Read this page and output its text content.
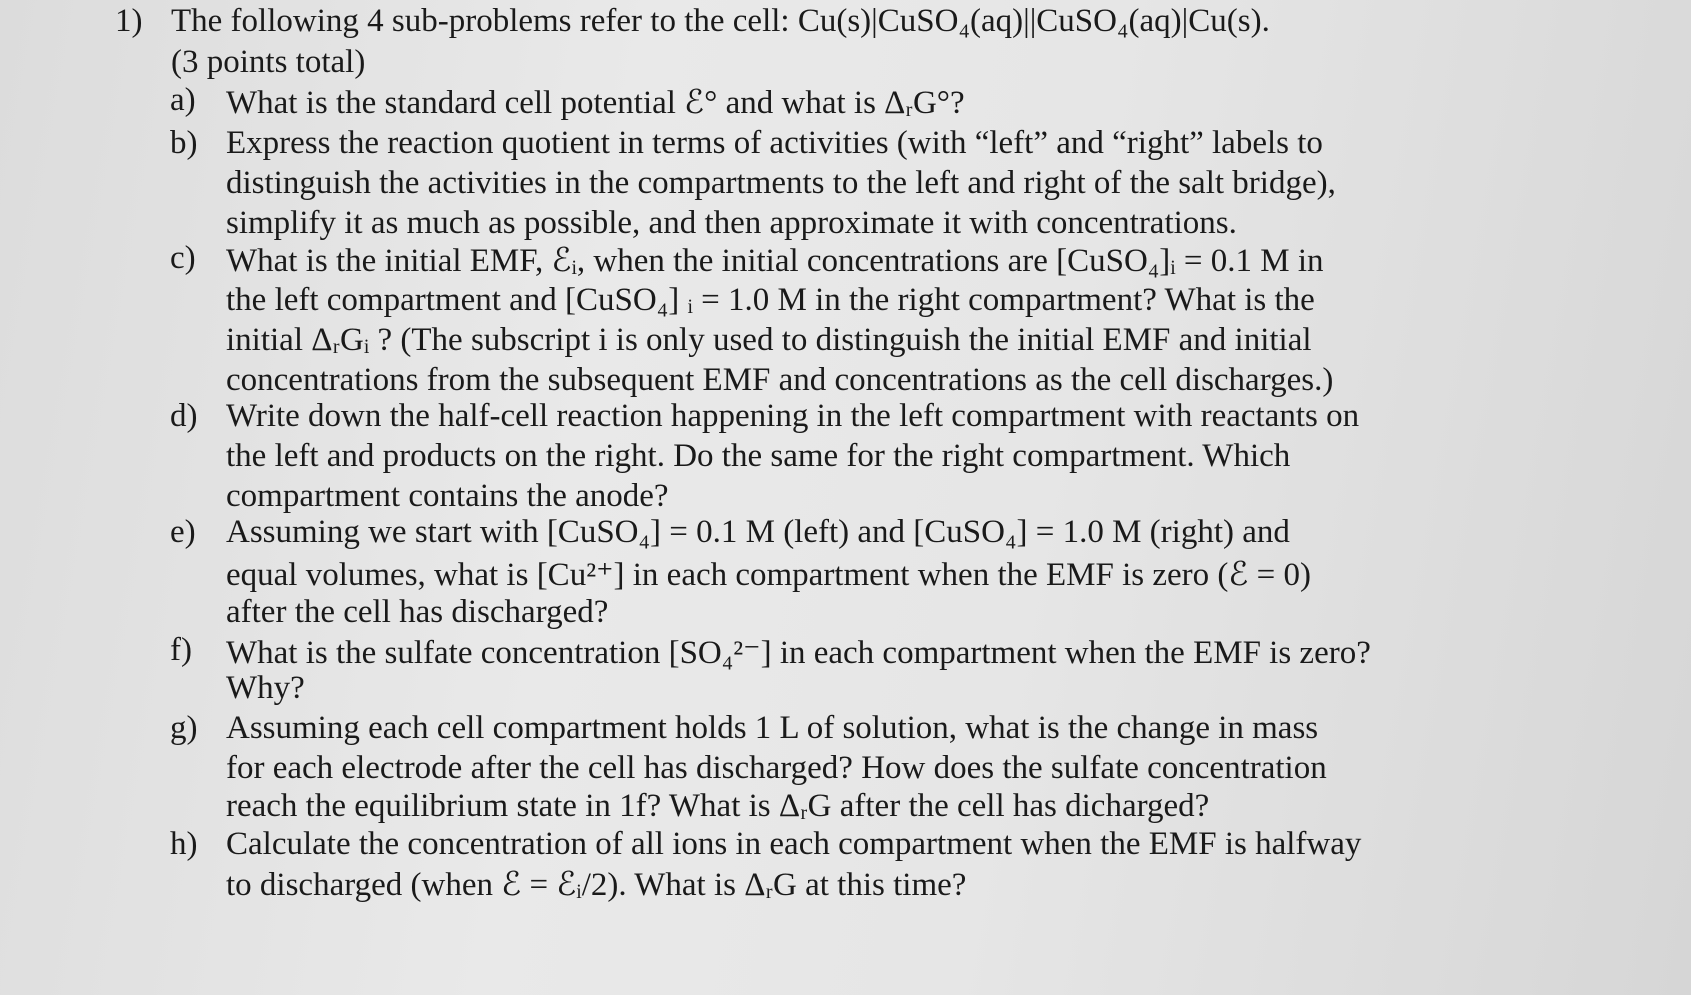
1) The following 4 sub-problems refer to the cell: Cu(s)|CuSO₄(aq)||CuSO₄(aq)|Cu(s).
(3 points total)
a) What is the standard cell potential ℰ° and what is ΔᵣG°?
b) Express the reaction quotient in terms of activities (with “left” and “right” labels to
distinguish the activities in the compartments to the left and right of the salt bridge),
simplify it as much as possible, and then approximate it with concentrations.
c) What is the initial EMF, ℰᵢ, when the initial concentrations are [CuSO₄]ᵢ = 0.1 M in
the left compartment and [CuSO₄] ᵢ = 1.0 M in the right compartment? What is the
initial ΔᵣGᵢ ? (The subscript i is only used to distinguish the initial EMF and initial
concentrations from the subsequent EMF and concentrations as the cell discharges.)
d) Write down the half-cell reaction happening in the left compartment with reactants on
the left and products on the right. Do the same for the right compartment. Which
compartment contains the anode?
e) Assuming we start with [CuSO₄] = 0.1 M (left) and [CuSO₄] = 1.0 M (right) and
equal volumes, what is [Cu²⁺] in each compartment when the EMF is zero (ℰ = 0)
after the cell has discharged?
f) What is the sulfate concentration [SO₄²⁻] in each compartment when the EMF is zero?
Why?
g) Assuming each cell compartment holds 1 L of solution, what is the change in mass
for each electrode after the cell has discharged? How does the sulfate concentration
reach the equilibrium state in 1f? What is ΔᵣG after the cell has dicharged?
h) Calculate the concentration of all ions in each compartment when the EMF is halfway
to discharged (when ℰ = ℰᵢ/2). What is ΔᵣG at this time?
